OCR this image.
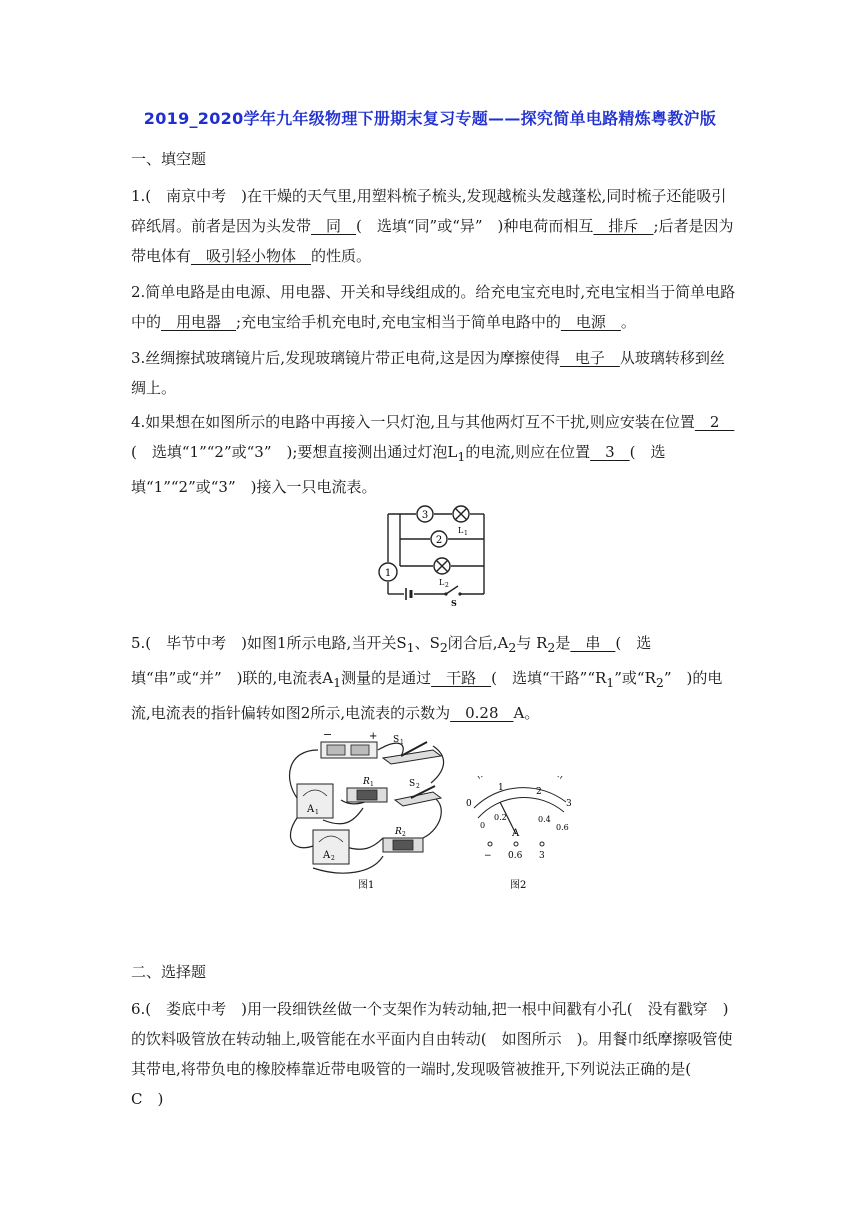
2019_2020学年九年级物理下册期末复习专题——探究简单电路精炼粤教沪版
一、填空题
1.(　南京中考　)在干燥的天气里,用塑料梳子梳头,发现越梳头发越蓬松,同时梳子还能吸引碎纸屑。前者是因为头发带　同　(　选填“同”或“异”　)种电荷而相互　排斥　;后者是因为带电体有　吸引轻小物体　的性质。
2.简单电路是由电源、用电器、开关和导线组成的。给充电宝充电时,充电宝相当于简单电路中的　用电器　;充电宝给手机充电时,充电宝相当于简单电路中的　电源　。
3.丝绸擦拭玻璃镜片后,发现玻璃镜片带正电荷,这是因为摩擦使得　电子　从玻璃转移到丝绸上。
4.如果想在如图所示的电路中再接入一只灯泡,且与其他两灯互不干扰,则应安装在位置　2　(　选填“1”“2”或“3”　);要想直接测出通过灯泡$L_1$的电流,则应在位置　3　(　选填“1”“2”或“3”　)接入一只电流表。
3
2
1
L 1
L 2
S
5.(　毕节中考　)如图1所示电路,当开关$S_1$、$S_2$闭合后$,A_2$与 $R_2$是　串　(　选填“串”或“并”　)联的,电流表$A_1$测量的是通过　干路　(　选填“干路$”“R_1$”或“$R_2$”　)的电流,电流表的指针偏转如图2所示,电流表的示数为　0.28　A。
−	+ S 1
A 1
R 1	S 2
A 2
R 2
图1
0
1	2
3
0
0.2	0.4
0.6
A
− 0.6 3
图2
二、选择题
6.(　娄底中考　)用一段细铁丝做一个支架作为转动轴,把一根中间戳有小孔(　没有戳穿　)的饮料吸管放在转动轴上,吸管能在水平面内自由转动(　如图所示　)。用餐巾纸摩擦吸管使其带电,将带负电的橡胶棒靠近带电吸管的一端时,发现吸管被推开,下列说法正确的是(　C　)
